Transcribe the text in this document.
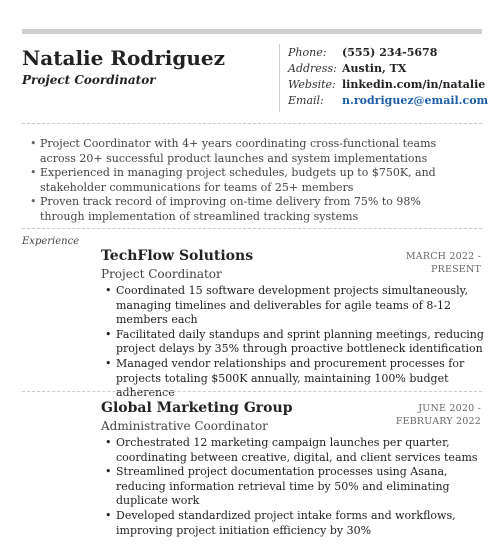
Natalie Rodriguez
Project Coordinator
Phone: (555) 234-5678
Address: Austin, TX
Website: linkedin.com/in/natalie
Email: n.rodriguez@email.com
• Project Coordinator with 4+ years coordinating cross-functional teams across 20+ successful product launches and system implementations
• Experienced in managing project schedules, budgets up to $750K, and stakeholder communications for teams of 25+ members
• Proven track record of improving on-time delivery from 75% to 98% through implementation of streamlined tracking systems
Experience
TechFlow Solutions	MARCH 2022 - PRESENT
Project Coordinator
• Coordinated 15 software development projects simultaneously, managing timelines and deliverables for agile teams of 8-12 members each
• Facilitated daily standups and sprint planning meetings, reducing project delays by 35% through proactive bottleneck identification
• Managed vendor relationships and procurement processes for projects totaling $500K annually, maintaining 100% budget adherence
Global Marketing Group	JUNE 2020 - FEBRUARY 2022
Administrative Coordinator
• Orchestrated 12 marketing campaign launches per quarter, coordinating between creative, digital, and client services teams
• Streamlined project documentation processes using Asana, reducing information retrieval time by 50% and eliminating duplicate work
• Developed standardized project intake forms and workflows, improving project initiation efficiency by 30%
